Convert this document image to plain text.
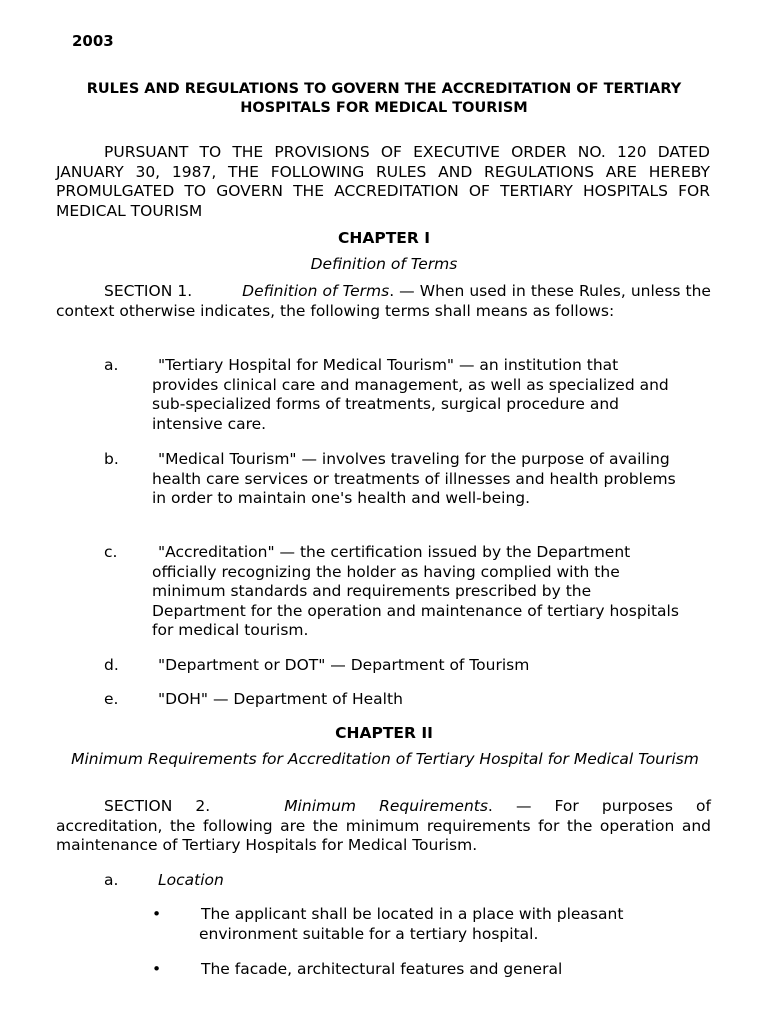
2003
RULES AND REGULATIONS TO GOVERN THE ACCREDITATION OF TERTIARY HOSPITALS FOR MEDICAL TOURISM
PURSUANT TO THE PROVISIONS OF EXECUTIVE ORDER NO. 120 DATED JANUARY 30, 1987, THE FOLLOWING RULES AND REGULATIONS ARE HEREBY PROMULGATED TO GOVERN THE ACCREDITATION OF TERTIARY HOSPITALS FOR MEDICAL TOURISM
CHAPTER I
Definition of Terms
SECTION 1.	Definition of Terms. — When used in these Rules, unless the context otherwise indicates, the following terms shall means as follows:
a.	"Tertiary Hospital for Medical Tourism" — an institution that provides clinical care and management, as well as specialized and sub-specialized forms of treatments, surgical procedure and intensive care.
b.	"Medical Tourism" — involves traveling for the purpose of availing health care services or treatments of illnesses and health problems in order to maintain one's health and well-being.
c.	"Accreditation" — the certification issued by the Department officially recognizing the holder as having complied with the minimum standards and requirements prescribed by the Department for the operation and maintenance of tertiary hospitals for medical tourism.
d.	"Department or DOT" — Department of Tourism
e.	"DOH" — Department of Health
CHAPTER II
Minimum Requirements for Accreditation of Tertiary Hospital for Medical Tourism
SECTION 2.	Minimum Requirements. — For purposes of accreditation, the following are the minimum requirements for the operation and maintenance of Tertiary Hospitals for Medical Tourism.
a.	Location
•	The applicant shall be located in a place with pleasant environment suitable for a tertiary hospital.
•	The facade, architectural features and general
